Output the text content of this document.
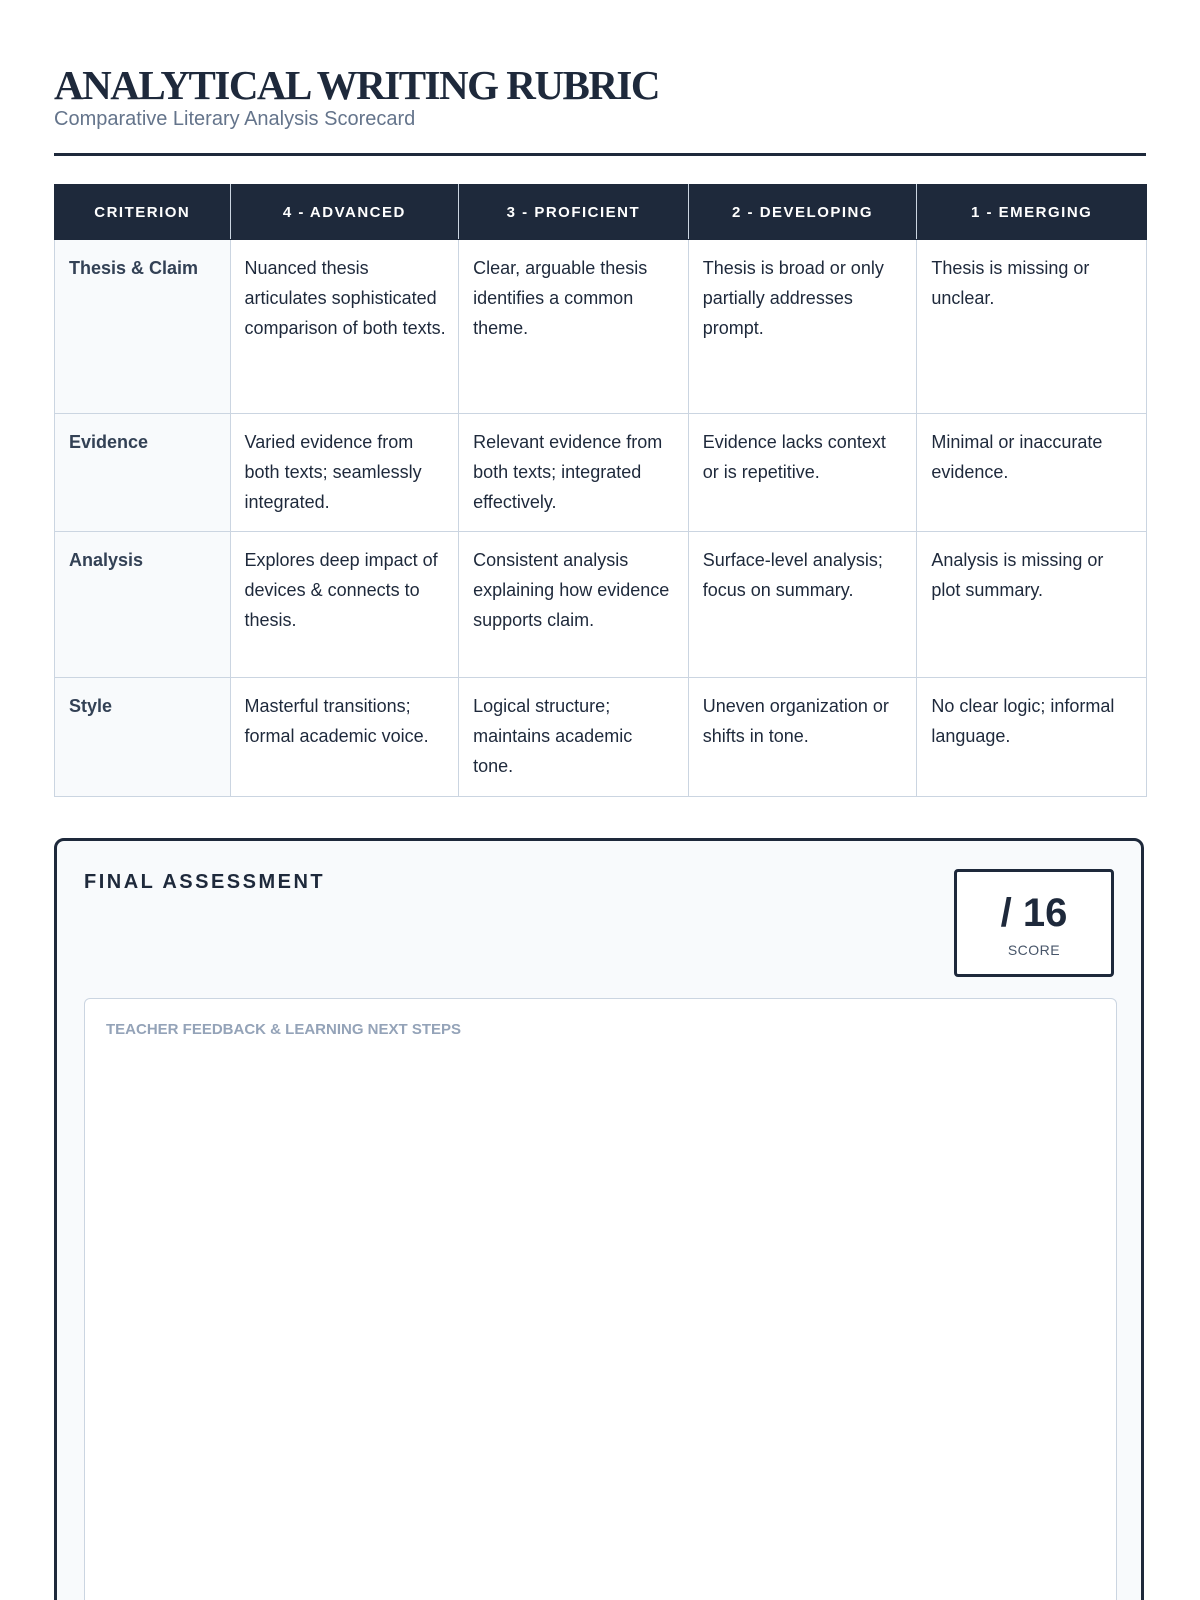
ANALYTICAL WRITING RUBRIC
Comparative Literary Analysis Scorecard
CRITERION	4 - ADVANCED	3 - PROFICIENT	2 - DEVELOPING	1 - EMERGING
Thesis & Claim	Nuanced thesis articulates sophisticated comparison of both texts.	Clear, arguable thesis identifies a common theme.	Thesis is broad or only partially addresses prompt.	Thesis is missing or unclear.
Evidence	Varied evidence from both texts; seamlessly integrated.	Relevant evidence from both texts; integrated effectively.	Evidence lacks context or is repetitive.	Minimal or inaccurate evidence.
Analysis	Explores deep impact of devices & connects to thesis.	Consistent analysis explaining how evidence supports claim.	Surface-level analysis; focus on summary.	Analysis is missing or plot summary.
Style	Masterful transitions; formal academic voice.	Logical structure; maintains academic tone.	Uneven organization or shifts in tone.	No clear logic; informal language.
FINAL ASSESSMENT
/ 16
SCORE
TEACHER FEEDBACK & LEARNING NEXT STEPS
